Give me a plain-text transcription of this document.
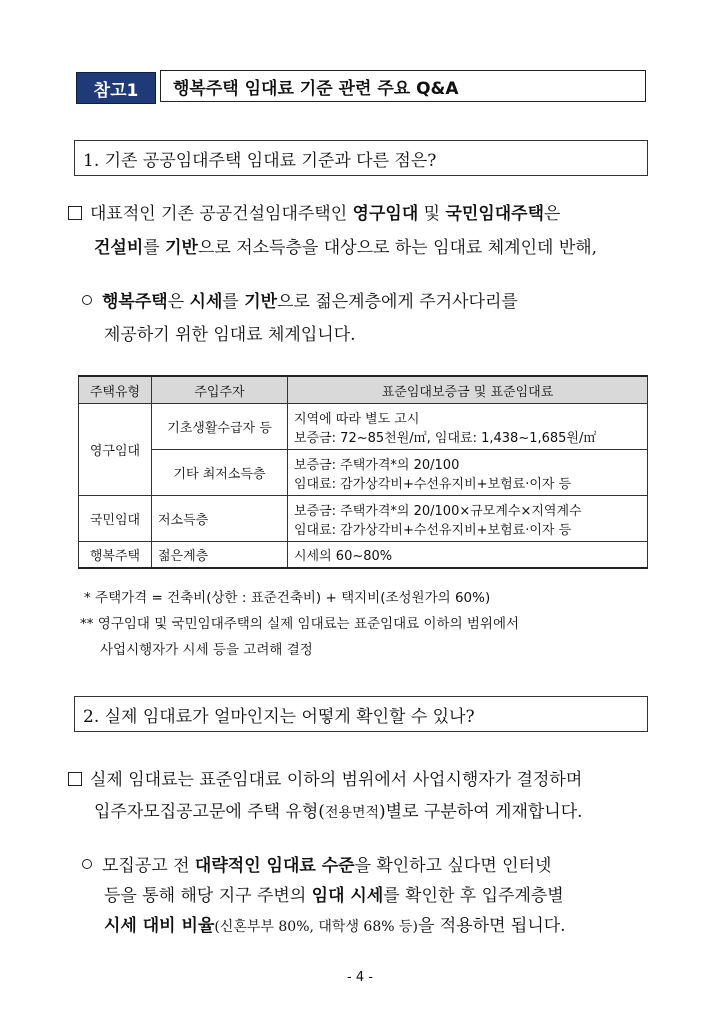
참고1	행복주택 임대료 기준 관련 주요 Q&A
1. 기존 공공임대주택 임대료 기준과 다른 점은?
대표적인 기존 공공건설임대주택인 영구임대 및 국민임대주택은
건설비를 기반으로 저소득층을 대상으로 하는 임대료 체계인데 반해,
행복주택은 시세를 기반으로 젊은계층에게 주거사다리를
제공하기 위한 임대료 체계입니다.
주택유형	주입주자	표준임대보증금 및 표준임대료
영구임대	기초생활수급자 등	지역에 따라 별도 고시
보증금: 72~85천원/㎡, 임대료: 1,438~1,685원/㎡

	기타 최저소득층	보증금: 주택가격*의 20/100
임대료: 감가상각비+수선유지비+보험료·이자 등

국민임대	저소득층	보증금: 주택가격*의 20/100×규모계수×지역계수
임대료: 감가상각비+수선유지비+보험료·이자 등

행복주택	젊은계층	시세의 60~80%
* 주택가격 = 건축비(상한 : 표준건축비) + 택지비(조성원가의 60%)
** 영구임대 및 국민임대주택의 실제 임대료는 표준임대료 이하의 범위에서
사업시행자가 시세 등을 고려해 결정
2. 실제 임대료가 얼마인지는 어떻게 확인할 수 있나?
실제 임대료는 표준임대료 이하의 범위에서 사업시행자가 결정하며
입주자모집공고문에 주택 유형(전용면적)별로 구분하여 게재합니다.
모집공고 전 대략적인 임대료 수준을 확인하고 싶다면 인터넷
등을 통해 해당 지구 주변의 임대 시세를 확인한 후 입주계층별
시세 대비 비율(신혼부부 80%, 대학생 68% 등)을 적용하면 됩니다.
- 4 -
